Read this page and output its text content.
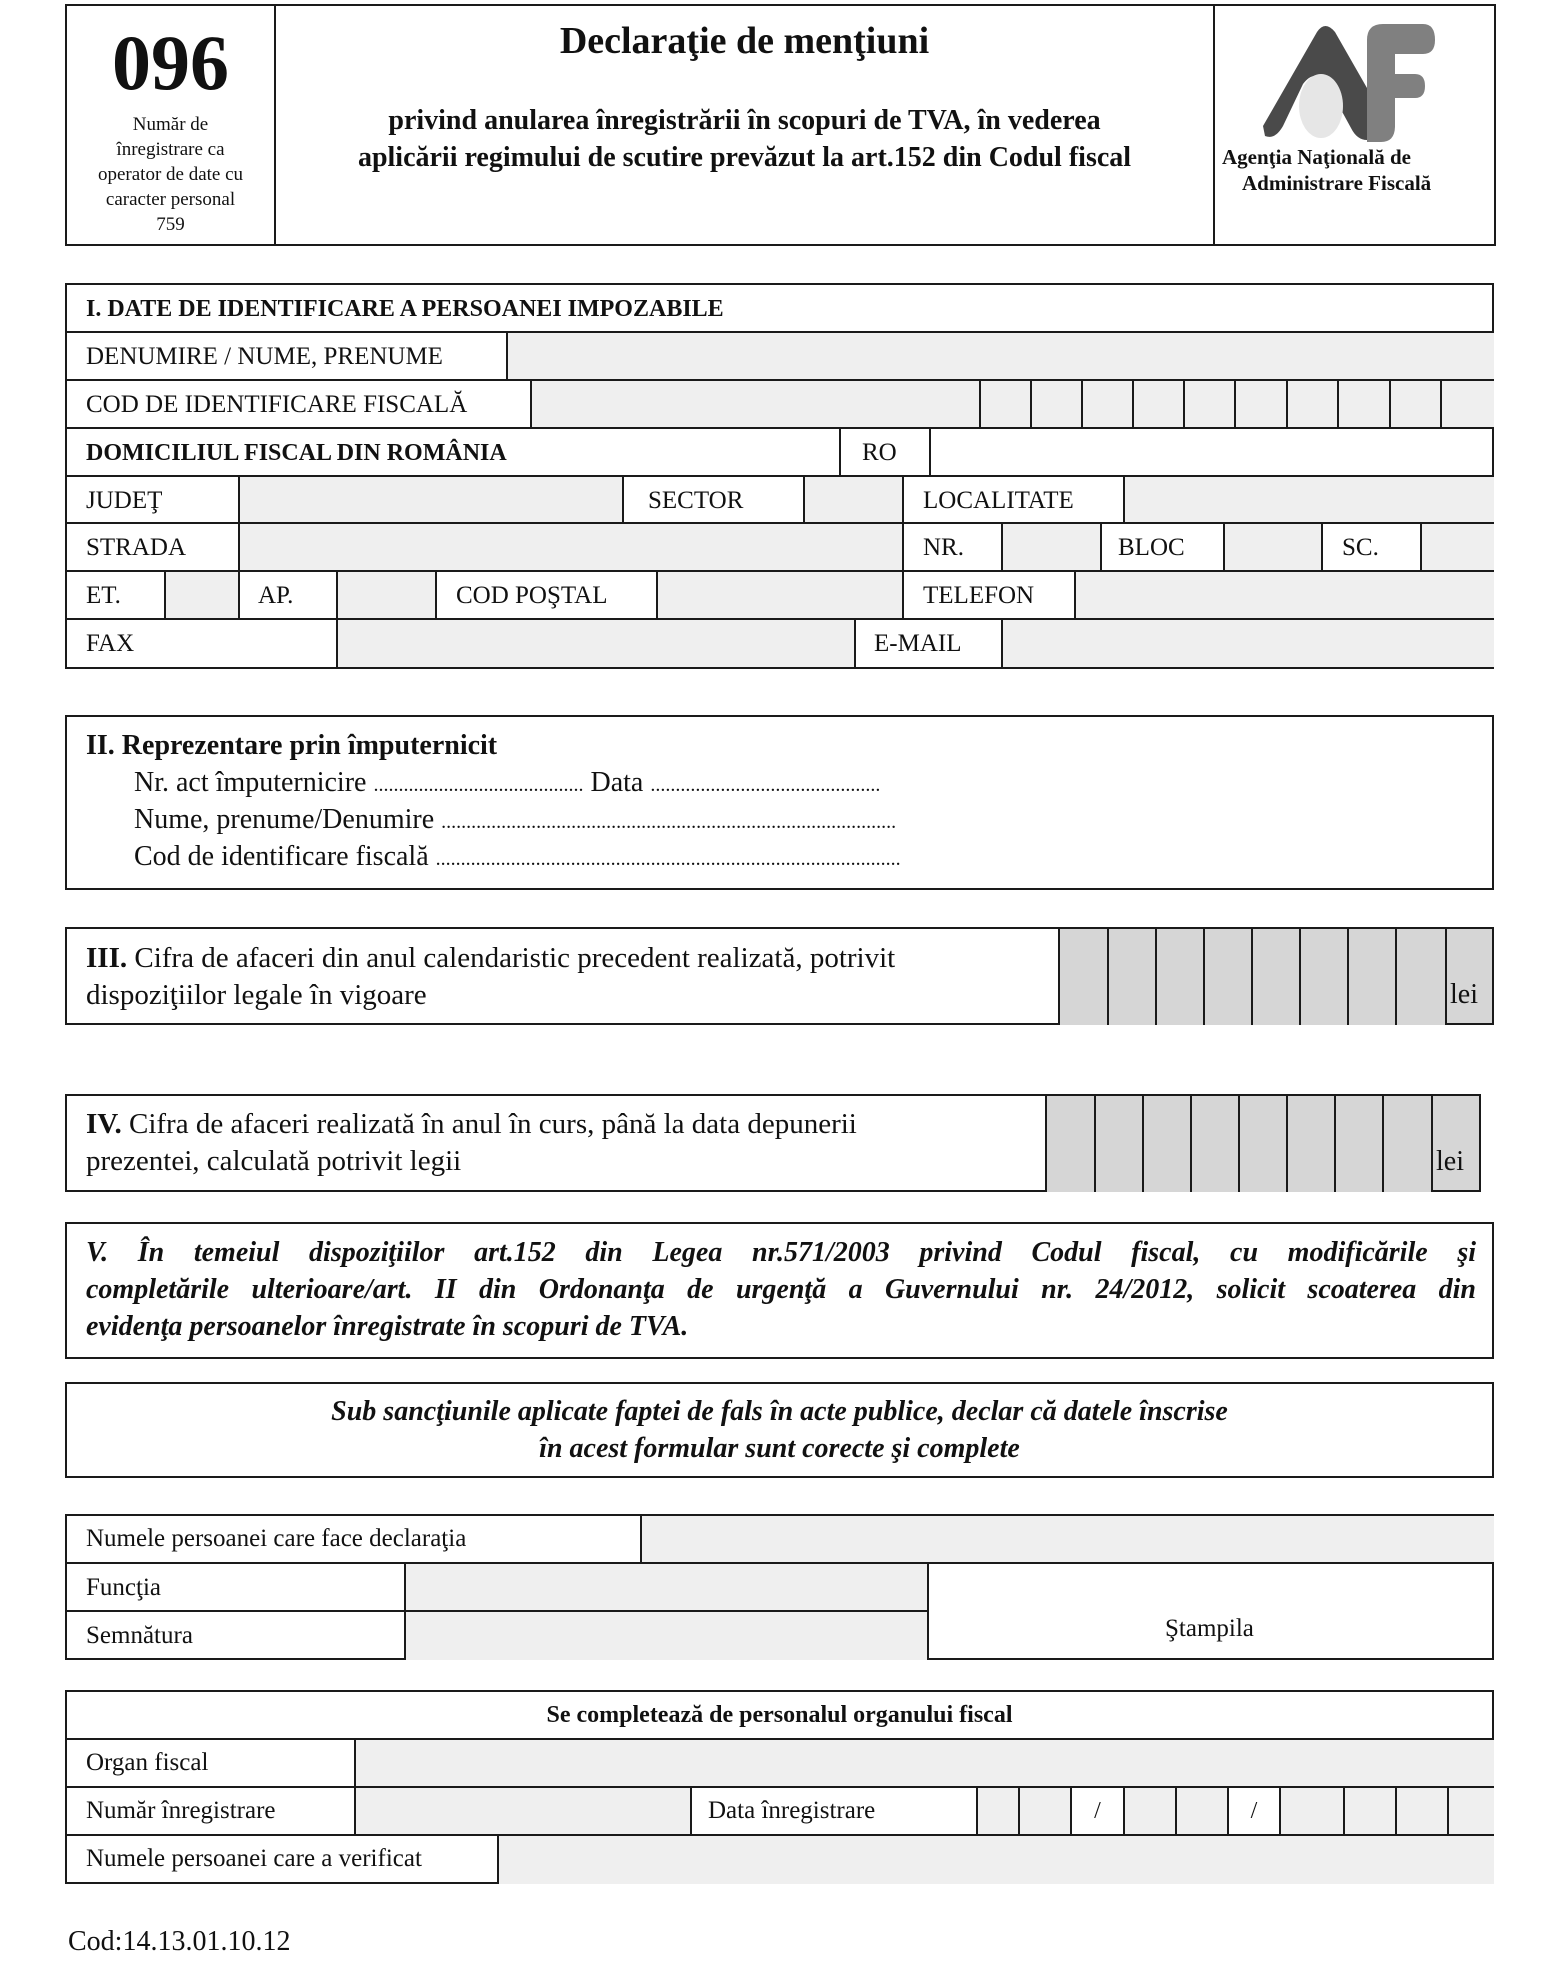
096
Număr de
înregistrare ca
operator de date cu
caracter personal
759
Declaraţie de menţiuni
privind anularea înregistrării în scopuri de TVA, în vederea
aplicării regimului de scutire prevăzut la art.152 din Codul fiscal	Agenţia Naţională de
Administrare Fiscală
I. DATE DE IDENTIFICARE A PERSOANEI IMPOZABILE
DENUMIRE / NUME, PRENUME
COD DE IDENTIFICARE FISCALĂ
DOMICILIUL FISCAL DIN ROMÂNIA	RO
JUDEŢ	SECTOR	LOCALITATE
STRADA	NR.	BLOC	SC.
ET.	AP.	COD POŞTAL	TELEFON
FAX	E-MAIL
II. Reprezentare prin împuternicit
Nr. act împuternicire .......................................... Data ..............................................
Nume, prenume/Denumire ...........................................................................................
Cod de identificare fiscală .............................................................................................
III. Cifra de afaceri din anul calendaristic precedent realizată, potrivit
dispoziţiilor legale în vigoare	lei
IV. Cifra de afaceri realizată în anul în curs, până la data depunerii
prezentei, calculată potrivit legii	lei
V. În temeiul dispoziţiilor art.152 din Legea nr.571/2003 privind Codul fiscal, cu modificările şi
completările ulterioare/art. II din Ordonanţa de urgenţă a Guvernului nr. 24/2012, solicit scoaterea din
evidenţa persoanelor înregistrate în scopuri de TVA.
Sub sancţiunile aplicate faptei de fals în acte publice, declar că datele înscrise
în acest formular sunt corecte şi complete
Numele persoanei care face declaraţia
Funcţia
Semnătura	Ştampila
Se completează de personalul organului fiscal
Organ fiscal
Număr înregistrare	Data înregistrare	/	/
Numele persoanei care a verificat
Cod:14.13.01.10.12
